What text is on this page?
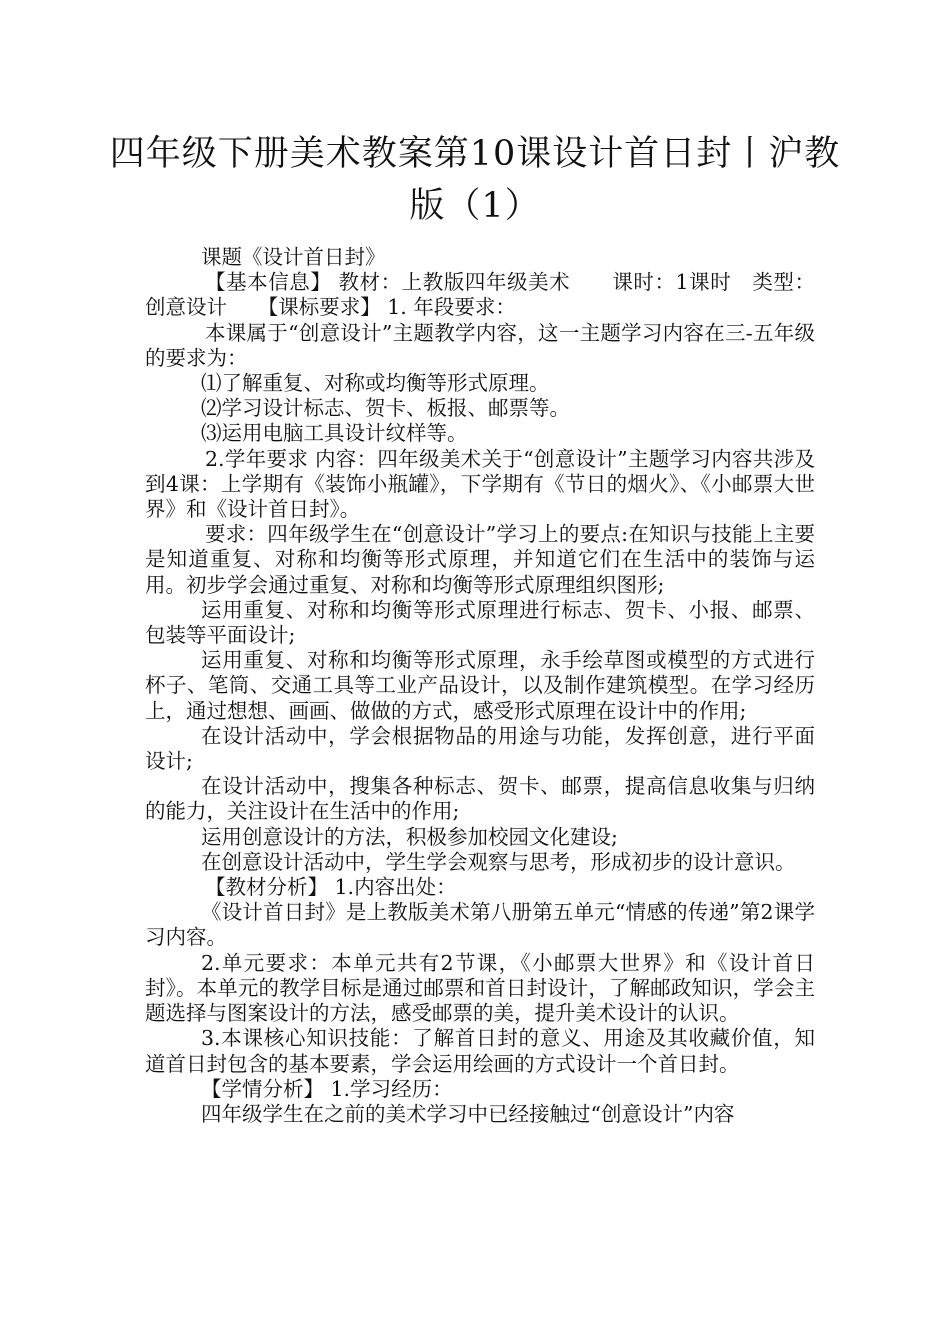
四年级下册美术教案第10课设计首日封丨沪教版（1）

课题《设计首日封》

【基本信息】 教材：上教版四年级美术　　课时：1课时　类型：创意设计　　【课标要求】 1. 年段要求：

本课属于“创意设计”主题教学内容，这一主题学习内容在三-五年级的要求为：

⑴了解重复、对称或均衡等形式原理。

⑵学习设计标志、贺卡、板报、邮票等。

⑶运用电脑工具设计纹样等。

2.学年要求 内容：四年级美术关于“创意设计”主题学习内容共涉及到4课：上学期有《装饰小瓶罐》，下学期有《节日的烟火》、《小邮票大世界》和《设计首日封》。

要求：四年级学生在“创意设计”学习上的要点:在知识与技能上主要是知道重复、对称和均衡等形式原理，并知道它们在生活中的装饰与运用。初步学会通过重复、对称和均衡等形式原理组织图形;

运用重复、对称和均衡等形式原理进行标志、贺卡、小报、邮票、包装等平面设计;

运用重复、对称和均衡等形式原理，永手绘草图或模型的方式进行杯子、笔筒、交通工具等工业产品设计，以及制作建筑模型。在学习经历上，通过想想、画画、做做的方式，感受形式原理在设计中的作用;

在设计活动中，学会根据物品的用途与功能，发挥创意，进行平面设计;

在设计活动中，搜集各种标志、贺卡、邮票，提高信息收集与归纳的能力，关注设计在生活中的作用;

运用创意设计的方法，积极参加校园文化建设;

在创意设计活动中，学生学会观察与思考，形成初步的设计意识。

【教材分析】 1.内容出处：

《设计首日封》是上教版美术第八册第五单元“情感的传递”第2课学习内容。

2.单元要求：本单元共有2节课，《小邮票大世界》和《设计首日封》。本单元的教学目标是通过邮票和首日封设计，了解邮政知识，学会主题选择与图案设计的方法，感受邮票的美，提升美术设计的认识。

3.本课核心知识技能：了解首日封的意义、用途及其收藏价值，知道首日封包含的基本要素，学会运用绘画的方式设计一个首日封。

【学情分析】 1.学习经历：

四年级学生在之前的美术学习中已经接触过“创意设计”内容
